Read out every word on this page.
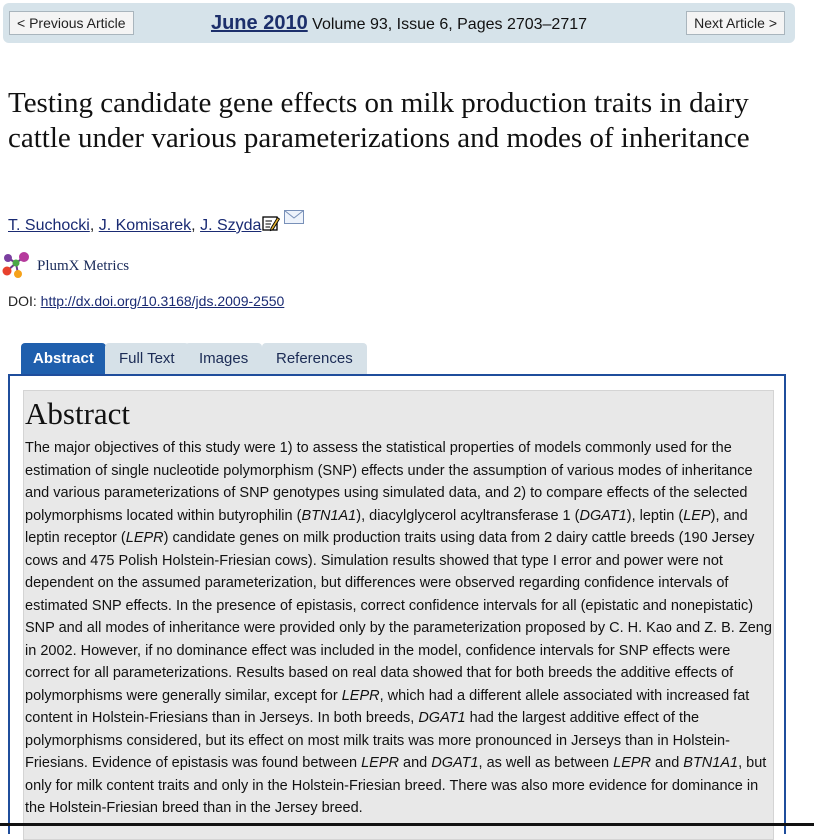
< Previous Article	June 2010 Volume 93, Issue 6, Pages 2703–2717	Next Article >
Testing candidate gene effects on milk production traits in dairy cattle under various parameterizations and modes of inheritance
T. Suchocki, J. Komisarek, J. Szyda
PlumX Metrics
DOI: http://dx.doi.org/10.3168/jds.2009-2550
Abstract	Full Text	Images	References
Abstract

The major objectives of this study were 1) to assess the statistical properties of models commonly used for the estimation of single nucleotide polymorphism (SNP) effects under the assumption of various modes of inheritance and various parameterizations of SNP genotypes using simulated data, and 2) to compare effects of the selected polymorphisms located within butyrophilin (BTN1A1), diacylglycerol acyltransferase 1 (DGAT1), leptin (LEP), and leptin receptor (LEPR) candidate genes on milk production traits using data from 2 dairy cattle breeds (190 Jersey cows and 475 Polish Holstein-Friesian cows). Simulation results showed that type I error and power were not dependent on the assumed parameterization, but differences were observed regarding confidence intervals of estimated SNP effects. In the presence of epistasis, correct confidence intervals for all (epistatic and nonepistatic) SNP and all modes of inheritance were provided only by the parameterization proposed by C. H. Kao and Z. B. Zeng in 2002. However, if no dominance effect was included in the model, confidence intervals for SNP effects were correct for all parameterizations. Results based on real data showed that for both breeds the additive effects of polymorphisms were generally similar, except for LEPR, which had a different allele associated with increased fat content in Holstein-Friesians than in Jerseys. In both breeds, DGAT1 had the largest additive effect of the polymorphisms considered, but its effect on most milk traits was more pronounced in Jerseys than in Holstein-Friesians. Evidence of epistasis was found between LEPR and DGAT1, as well as between LEPR and BTN1A1, but only for milk content traits and only in the Holstein-Friesian breed. There was also more evidence for dominance in the Holstein-Friesian breed than in the Jersey breed.
